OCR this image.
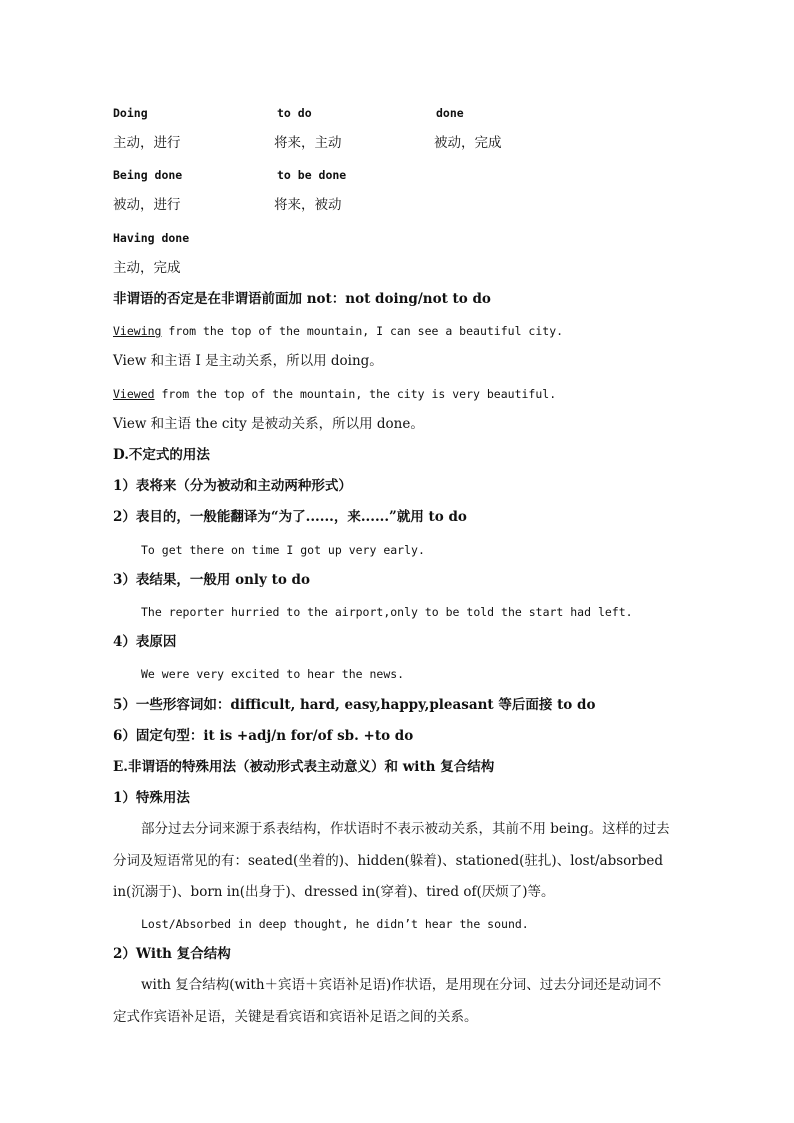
Doing	to do	done
主动，进行	将来，主动	被动，完成
Being done	to be done
被动，进行	将来，被动
Having done
主动，完成
非谓语的否定是在非谓语前面加 not：not doing/not to do
Viewing from the top of the mountain, I can see a beautiful city.
View 和主语 I 是主动关系，所以用 doing。
Viewed from the top of the mountain, the city is very beautiful.
View 和主语 the city 是被动关系，所以用 done。
D.不定式的用法
1）表将来（分为被动和主动两种形式）
2）表目的，一般能翻译为“为了......，来......”就用 to do
To get there on time I got up very early.
3）表结果，一般用 only to do
The reporter hurried to the airport,only to be told the start had left.
4）表原因
We were very excited to hear the news.
5）一些形容词如：difficult, hard, easy,happy,pleasant 等后面接 to do
6）固定句型：it is +adj/n for/of sb. +to do
E.非谓语的特殊用法（被动形式表主动意义）和 with 复合结构
1）特殊用法
部分过去分词来源于系表结构，作状语时不表示被动关系，其前不用 being。这样的过去
分词及短语常见的有：seated(坐着的)、hidden(躲着)、stationed(驻扎)、lost/absorbed
in(沉溺于)、born in(出身于)、dressed in(穿着)、tired of(厌烦了)等。
Lost/Absorbed in deep thought, he didn’t hear the sound.
2）With 复合结构
with 复合结构(with＋宾语＋宾语补足语)作状语，是用现在分词、过去分词还是动词不
定式作宾语补足语，关键是看宾语和宾语补足语之间的关系。
